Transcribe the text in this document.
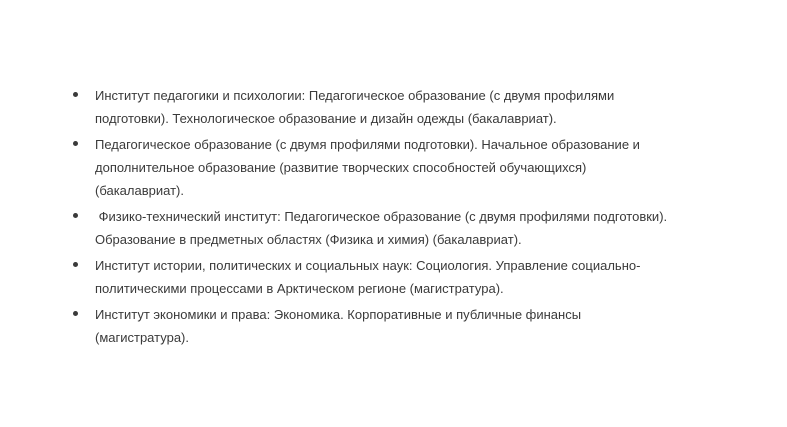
Институт педагогики и психологии: Педагогическое образование (с двумя профилями подготовки). Технологическое образование и дизайн одежды (бакалавриат).
Педагогическое образование (с двумя профилями подготовки). Начальное образование и дополнительное образование (развитие творческих способностей обучающихся) (бакалавриат).
Физико-технический институт: Педагогическое образование (с двумя профилями подготовки). Образование в предметных областях (Физика и химия) (бакалавриат).
Институт истории, политических и социальных наук: Социология. Управление социально-политическими процессами в Арктическом регионе (магистратура).
Институт экономики и права: Экономика. Корпоративные и публичные финансы (магистратура).
